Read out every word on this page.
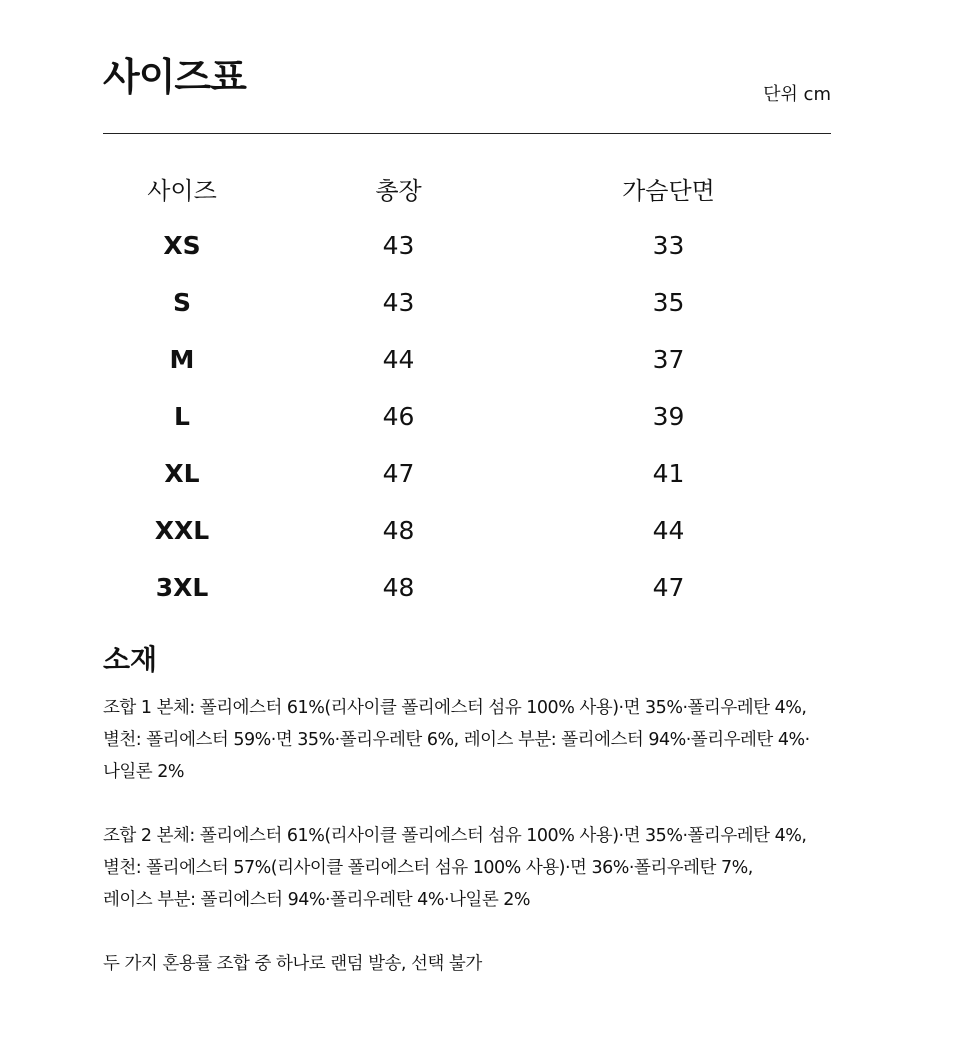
사이즈표	단위 cm
사이즈	총장	가슴단면	
XS	43	33	
S	43	35	
M	44	37	
L	46	39	
XL	47	41	
XXL	48	44	
3XL	48	47	
소재

조합 1 본체: 폴리에스터 61%(리사이클 폴리에스터 섬유 100% 사용)·면 35%·폴리우레탄 4%,

별천: 폴리에스터 59%·면 35%·폴리우레탄 6%, 레이스 부분: 폴리에스터 94%·폴리우레탄 4%·

나일론 2%

조합 2 본체: 폴리에스터 61%(리사이클 폴리에스터 섬유 100% 사용)·면 35%·폴리우레탄 4%,

별천: 폴리에스터 57%(리사이클 폴리에스터 섬유 100% 사용)·면 36%·폴리우레탄 7%,

레이스 부분: 폴리에스터 94%·폴리우레탄 4%·나일론 2%

두 가지 혼용률 조합 중 하나로 랜덤 발송, 선택 불가
